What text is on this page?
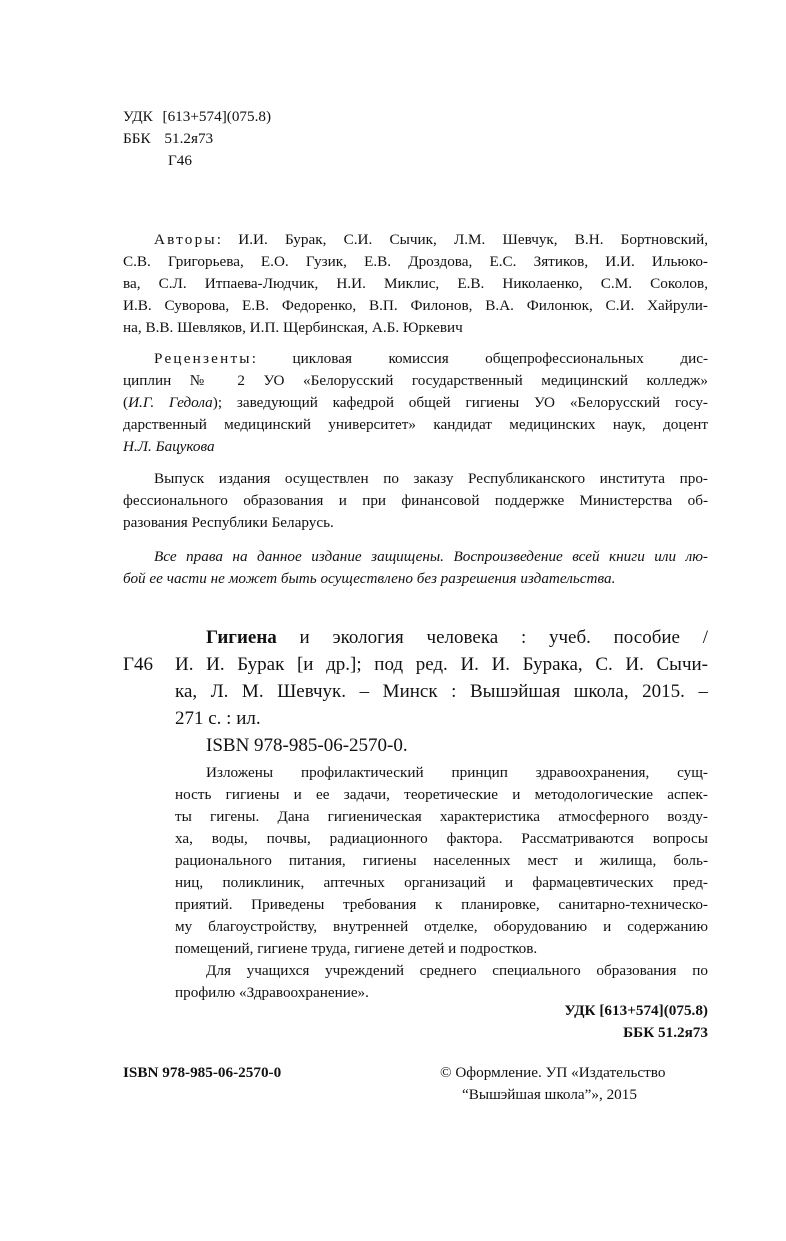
УДК [613+574](075.8)
ББК 51.2я73
Г46
Авторы: И.И. Бурак, С.И. Сычик, Л.М. Шевчук, В.Н. Бортновский,
С.В. Григорьева, Е.О. Гузик, Е.В. Дроздова, Е.С. Зятиков, И.И. Ильюко-
ва, С.Л. Итпаева-Людчик, Н.И. Миклис, Е.В. Николаенко, С.М. Соколов,
И.В. Суворова, Е.В. Федоренко, В.П. Филонов, В.А. Филонюк, С.И. Хайрули-
на, В.В. Шевляков, И.П. Щербинская, А.Б. Юркевич
Рецензенты: цикловая комиссия общепрофессиональных дис-
циплин № 2 УО «Белорусский государственный медицинский колледж»
(И.Г. Гедола); заведующий кафедрой общей гигиены УО «Белорусский госу-
дарственный медицинский университет» кандидат медицинских наук, доцент
Н.Л. Бацукова
Выпуск издания осуществлен по заказу Республиканского института про-
фессионального образования и при финансовой поддержке Министерства об-
разования Республики Беларусь.
Все права на данное издание защищены. Воспроизведение всей книги или лю-
бой ее части не может быть осуществлено без разрешения издательства.
Г46
Гигиена и экология человека : учеб. пособие /
И. И. Бурак [и др.]; под ред. И. И. Бурака, С. И. Сычи-
ка, Л. М. Шевчук. – Минск : Вышэйшая школа, 2015. –
271 с. : ил.
ISBN 978-985-06-2570-0.
Изложены профилактический принцип здравоохранения, сущ-
ность гигиены и ее задачи, теоретические и методологические аспек-
ты гигены. Дана гигиеническая характеристика атмосферного возду-
ха, воды, почвы, радиационного фактора. Рассматриваются вопросы
рационального питания, гигиены населенных мест и жилища, боль-
ниц, поликлиник, аптечных организаций и фармацевтических пред-
приятий. Приведены требования к планировке, санитарно-техническо-
му благоустройству, внутренней отделке, оборудованию и содержанию
помещений, гигиене труда, гигиене детей и подростков.
Для учащихся учреждений среднего специального образования по
профилю «Здравоохранение».
УДК [613+574](075.8)
ББК 51.2я73
ISBN 978-985-06-2570-0	© Оформление. УП «Издательство
“Вышэйшая школа”», 2015
